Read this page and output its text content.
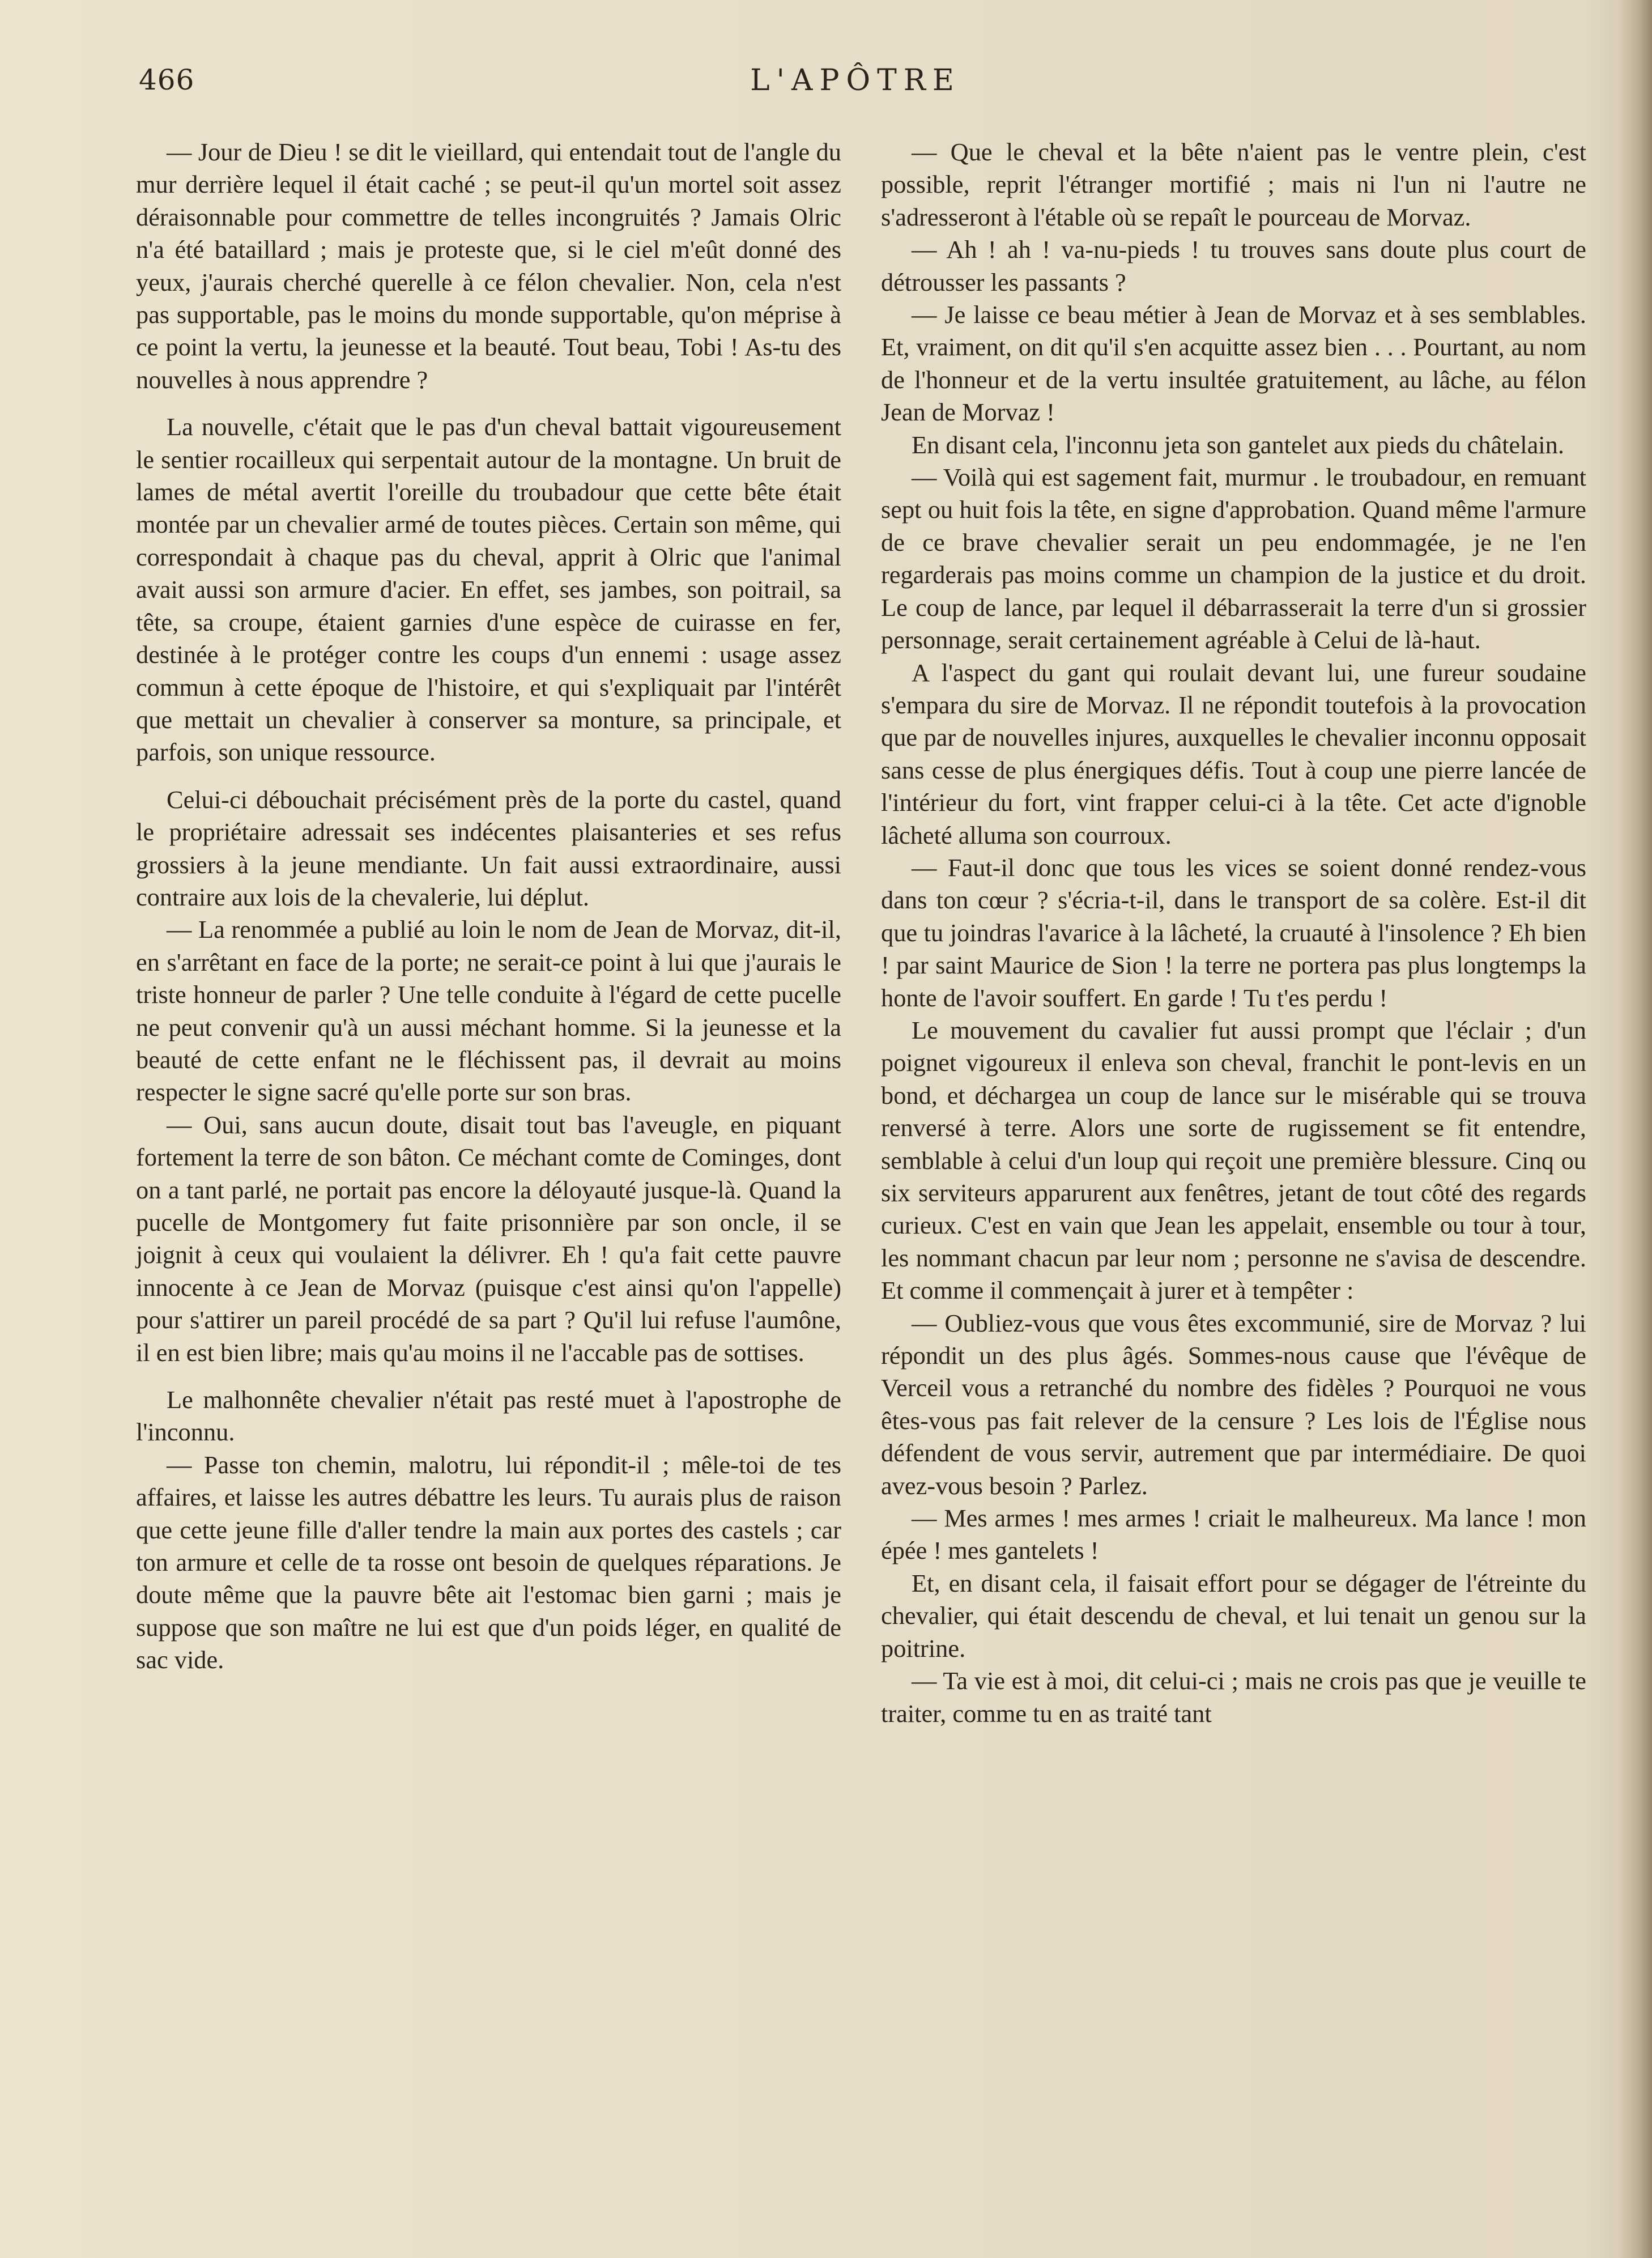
466	L'APÔTRE

— Jour de Dieu ! se dit le vieillard, qui entendait tout de l'angle du mur derrière lequel il était caché ; se peut-il qu'un mortel soit assez déraisonnable pour commettre de telles incongruités ? Jamais Olric n'a été bataillard ; mais je proteste que, si le ciel m'eût donné des yeux, j'aurais cherché querelle à ce félon chevalier. Non, cela n'est pas supportable, pas le moins du monde supportable, qu'on méprise à ce point la vertu, la jeunesse et la beauté. Tout beau, Tobi ! As-tu des nouvelles à nous apprendre ?

La nouvelle, c'était que le pas d'un cheval battait vigoureusement le sentier rocailleux qui serpentait autour de la montagne. Un bruit de lames de métal avertit l'oreille du troubadour que cette bête était montée par un chevalier armé de toutes pièces. Certain son même, qui correspondait à chaque pas du cheval, apprit à Olric que l'animal avait aussi son armure d'acier. En effet, ses jambes, son poitrail, sa tête, sa croupe, étaient garnies d'une espèce de cuirasse en fer, destinée à le protéger contre les coups d'un ennemi : usage assez commun à cette époque de l'histoire, et qui s'expliquait par l'intérêt que mettait un chevalier à conserver sa monture, sa principale, et parfois, son unique ressource.

Celui-ci débouchait précisément près de la porte du castel, quand le propriétaire adressait ses indécentes plaisanteries et ses refus grossiers à la jeune mendiante. Un fait aussi extraordinaire, aussi contraire aux lois de la chevalerie, lui déplut.

— La renommée a publié au loin le nom de Jean de Morvaz, dit-il, en s'arrêtant en face de la porte; ne serait-ce point à lui que j'aurais le triste honneur de parler ? Une telle conduite à l'égard de cette pucelle ne peut convenir qu'à un aussi méchant homme. Si la jeunesse et la beauté de cette enfant ne le fléchissent pas, il devrait au moins respecter le signe sacré qu'elle porte sur son bras.

— Oui, sans aucun doute, disait tout bas l'aveugle, en piquant fortement la terre de son bâton. Ce méchant comte de Cominges, dont on a tant parlé, ne portait pas encore la déloyauté jusque-là. Quand la pucelle de Montgomery fut faite prisonnière par son oncle, il se joignit à ceux qui voulaient la délivrer. Eh ! qu'a fait cette pauvre innocente à ce Jean de Morvaz (puisque c'est ainsi qu'on l'appelle) pour s'attirer un pareil procédé de sa part ? Qu'il lui refuse l'aumône, il en est bien libre; mais qu'au moins il ne l'accable pas de sottises.

Le malhonnête chevalier n'était pas resté muet à l'apostrophe de l'inconnu.

— Passe ton chemin, malotru, lui répondit-il ; mêle-toi de tes affaires, et laisse les autres débattre les leurs. Tu aurais plus de raison que cette jeune fille d'aller tendre la main aux portes des castels ; car ton armure et celle de ta rosse ont besoin de quelques réparations. Je doute même que la pauvre bête ait l'estomac bien garni ; mais je suppose que son maître ne lui est que d'un poids léger, en qualité de sac vide.

— Que le cheval et la bête n'aient pas le ventre plein, c'est possible, reprit l'étranger mortifié ; mais ni l'un ni l'autre ne s'adresseront à l'étable où se repaît le pourceau de Morvaz.

— Ah ! ah ! va-nu-pieds ! tu trouves sans doute plus court de détrousser les passants ?

— Je laisse ce beau métier à Jean de Morvaz et à ses semblables. Et, vraiment, on dit qu'il s'en acquitte assez bien . . . Pourtant, au nom de l'honneur et de la vertu insultée gratuitement, au lâche, au félon Jean de Morvaz !

En disant cela, l'inconnu jeta son gantelet aux pieds du châtelain.

— Voilà qui est sagement fait, murmur . le troubadour, en remuant sept ou huit fois la tête, en signe d'approbation. Quand même l'armure de ce brave chevalier serait un peu endommagée, je ne l'en regarderais pas moins comme un champion de la justice et du droit. Le coup de lance, par lequel il débarrasserait la terre d'un si grossier personnage, serait certainement agréable à Celui de là-haut.

A l'aspect du gant qui roulait devant lui, une fureur soudaine s'empara du sire de Morvaz. Il ne répondit toutefois à la provocation que par de nouvelles injures, auxquelles le chevalier inconnu opposait sans cesse de plus énergiques défis. Tout à coup une pierre lancée de l'intérieur du fort, vint frapper celui-ci à la tête. Cet acte d'ignoble lâcheté alluma son courroux.

— Faut-il donc que tous les vices se soient donné rendez-vous dans ton cœur ? s'écria-t-il, dans le transport de sa colère. Est-il dit que tu joindras l'avarice à la lâcheté, la cruauté à l'insolence ? Eh bien ! par saint Maurice de Sion ! la terre ne portera pas plus longtemps la honte de l'avoir souffert. En garde ! Tu t'es perdu !

Le mouvement du cavalier fut aussi prompt que l'éclair ; d'un poignet vigoureux il enleva son cheval, franchit le pont-levis en un bond, et déchargea un coup de lance sur le misérable qui se trouva renversé à terre. Alors une sorte de rugissement se fit entendre, semblable à celui d'un loup qui reçoit une première blessure. Cinq ou six serviteurs apparurent aux fenêtres, jetant de tout côté des regards curieux. C'est en vain que Jean les appelait, ensemble ou tour à tour, les nommant chacun par leur nom ; personne ne s'avisa de descendre. Et comme il commençait à jurer et à tempêter :

— Oubliez-vous que vous êtes excommunié, sire de Morvaz ? lui répondit un des plus âgés. Sommes-nous cause que l'évêque de Verceil vous a retranché du nombre des fidèles ? Pourquoi ne vous êtes-vous pas fait relever de la censure ? Les lois de l'Église nous défendent de vous servir, autrement que par intermédiaire. De quoi avez-vous besoin ? Parlez.

— Mes armes ! mes armes ! criait le malheureux. Ma lance ! mon épée ! mes gantelets !

Et, en disant cela, il faisait effort pour se dégager de l'étreinte du chevalier, qui était descendu de cheval, et lui tenait un genou sur la poitrine.

— Ta vie est à moi, dit celui-ci ; mais ne crois pas que je veuille te traiter, comme tu en as traité tant
